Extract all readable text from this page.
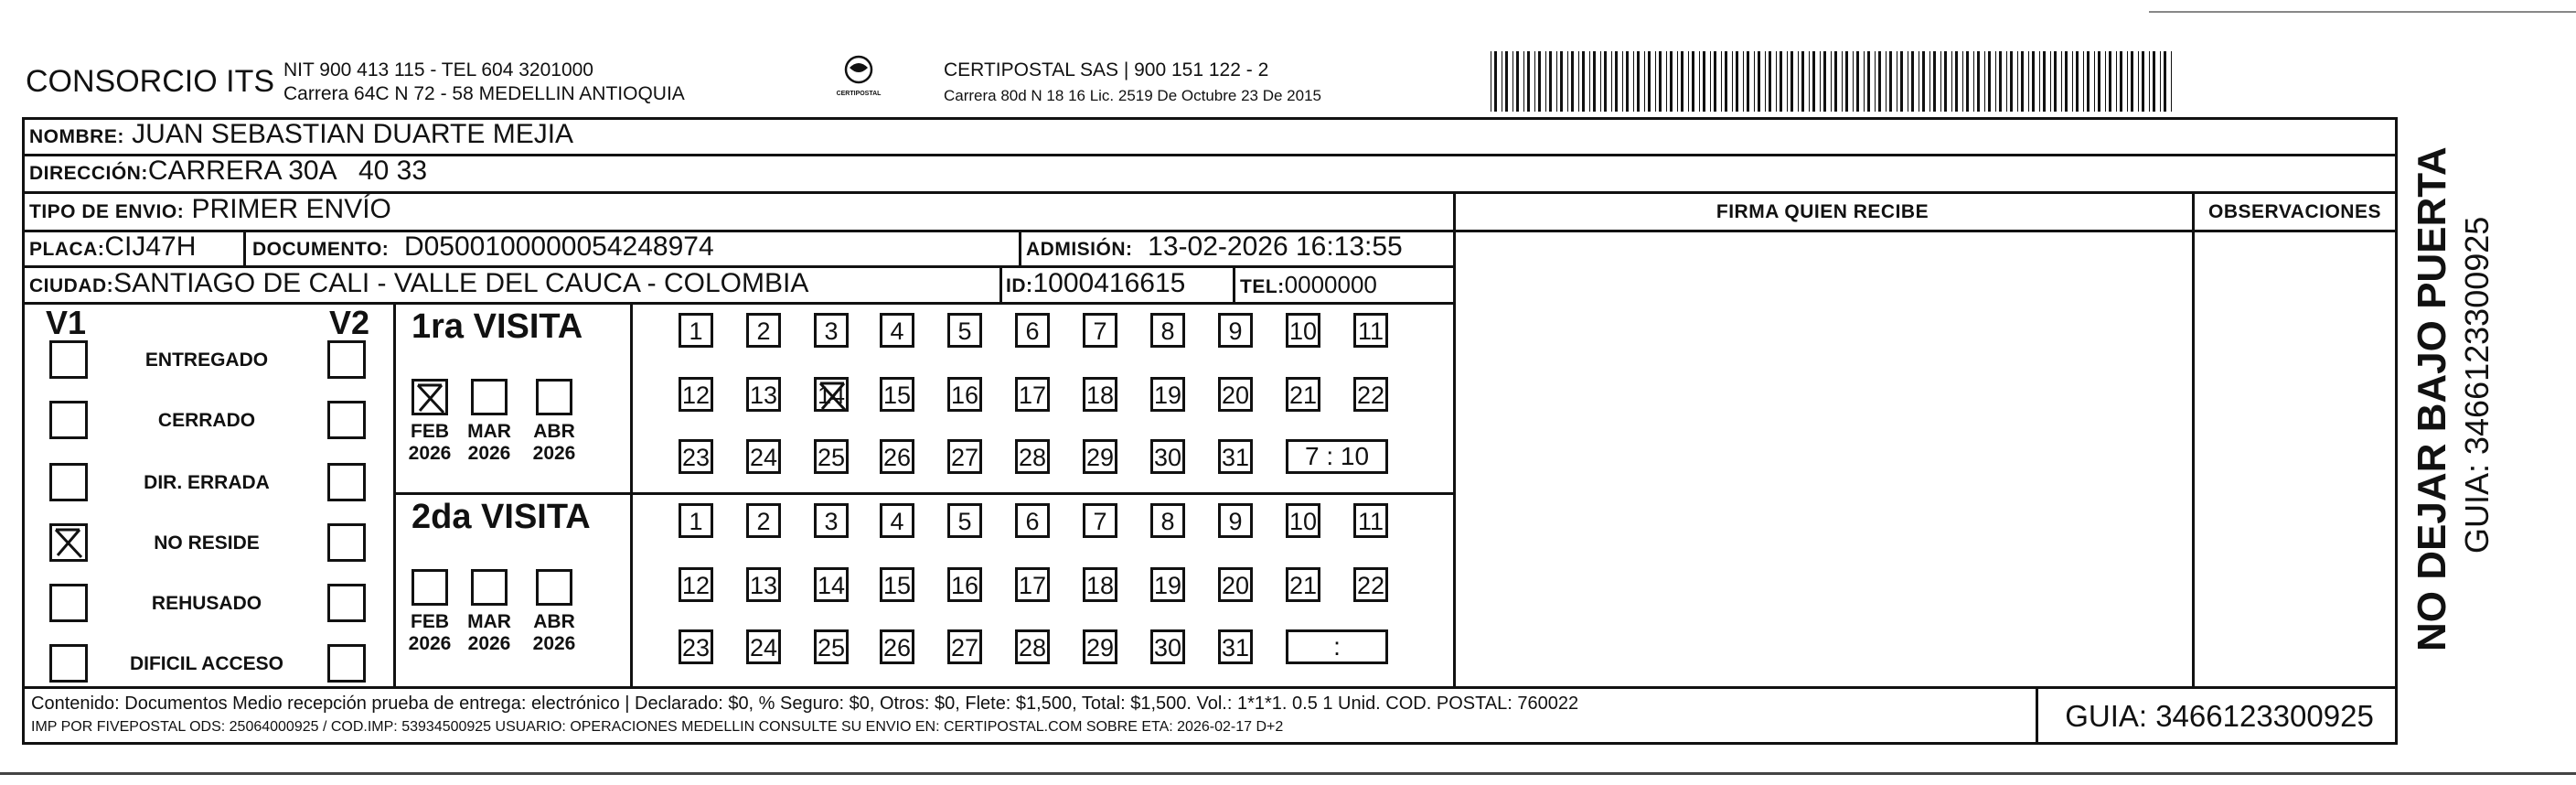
CONSORCIO ITS NIT 900 413 115 - TEL 604 3201000
Carrera 64C N 72 - 58 MEDELLIN ANTIOQUIA	CERTIPOSTAL
CERTIPOSTAL SAS | 900 151 122 - 2
Carrera 80d N 18 16 Lic. 2519 De Octubre 23 De 2015
NOMBRE: JUAN SEBASTIAN DUARTE MEJIA
DIRECCIÓN:CARRERA 30A   40 33
TIPO DE ENVIO: PRIMER ENVÍO	FIRMA QUIEN RECIBE	OBSERVACIONES
PLACA:CIJ47H	DOCUMENTO: D0500100000054248974	ADMISIÓN: 13-02-2026 16:13:55
CIUDAD:SANTIAGO DE CALI - VALLE DEL CAUCA - COLOMBIA	ID:1000416615	TEL:0000000
V1	V2
ENTREGADO
CERRADO
DIR. ERRADA
NO RESIDE
REHUSADO
DIFICIL ACCESO
1ra VISITA
FEB
2026
MAR
2026
ABR
2026
1	2	3	4	5	6	7	8	9	10 11
12 13 14 15 16 17 18 19 20 21 22
23 24 25 26 27 28 29 30 31	7 : 10
2da VISITA
FEB
2026
MAR
2026
ABR
2026
1	2	3	4	5	6	7	8	9	10 11
12 13 14 15 16 17 18 19 20 21 22
23 24 25 26 27 28 29 30 31	:
Contenido: Documentos Medio recepción prueba de entrega: electrónico | Declarado: $0, % Seguro: $0, Otros: $0, Flete: $1,500, Total: $1,500. Vol.: 1*1*1. 0.5 1 Unid. COD. POSTAL: 760022
IMP POR FIVEPOSTAL ODS: 25064000925 / COD.IMP: 53934500925 USUARIO: OPERACIONES MEDELLIN CONSULTE SU ENVIO EN: CERTIPOSTAL.COM SOBRE ETA: 2026-02-17 D+2	GUIA: 3466123300925
NO DEJAR BAJO PUERTA GUIA: 3466123300925
